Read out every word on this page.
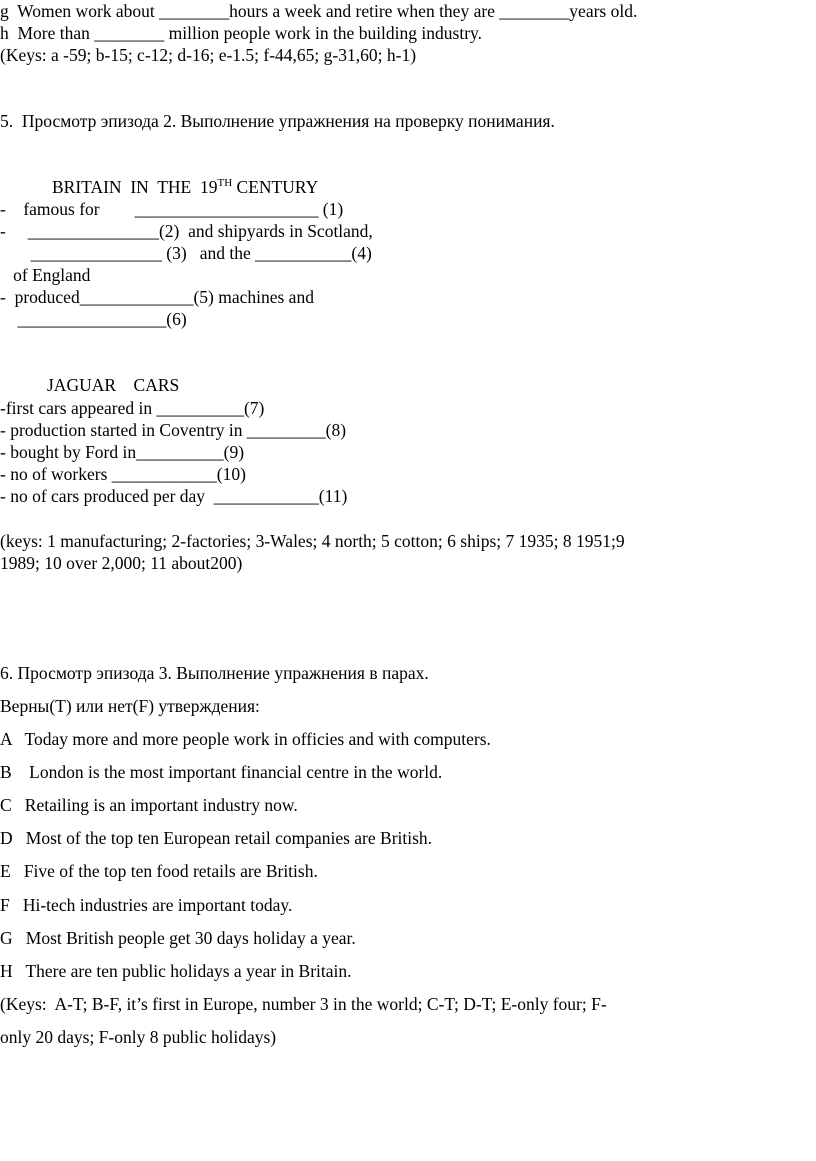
g  Women work about ________hours a week and retire when they are ________years old.
h  More than ________ million people work in the building industry.
(Keys: a -59; b-15; c-12; d-16; e-1.5; f-44,65; g-31,60; h-1)
5.  Просмотр эпизода 2. Выполнение упражнения на проверку понимания.
BRITAIN  IN  THE  19TH CENTURY
-    famous for        _____________________ (1)
-     _______________(2)  and shipyards in Scotland,
_______________ (3)   and the ___________(4)
of England
-  produced_____________(5) machines and
_________________(6)
JAGUAR    CARS
-first cars appeared in __________(7)
- production started in Coventry in _________(8)
- bought by Ford in__________(9)
- no of workers ____________(10)
- no of cars produced per day  ____________(11)
(keys: 1 manufacturing; 2-factories; 3-Wales; 4 north; 5 cotton; 6 ships; 7 1935; 8 1951;9
1989; 10 over 2,000; 11 about200)
6. Просмотр эпизода 3. Выполнение упражнения в парах.
Верны(T) или нет(F) утверждения:
A   Today more and more people work in officies and with computers.
B    London is the most important financial centre in the world.
C   Retailing is an important industry now.
D   Most of the top ten European retail companies are British.
E   Five of the top ten food retails are British.
F   Hi-tech industries are important today.
G   Most British people get 30 days holiday a year.
H   There are ten public holidays a year in Britain.
(Keys:  A-T; B-F, it’s first in Europe, number 3 in the world; C-T; D-T; E-only four; F-
only 20 days; F-only 8 public holidays)
